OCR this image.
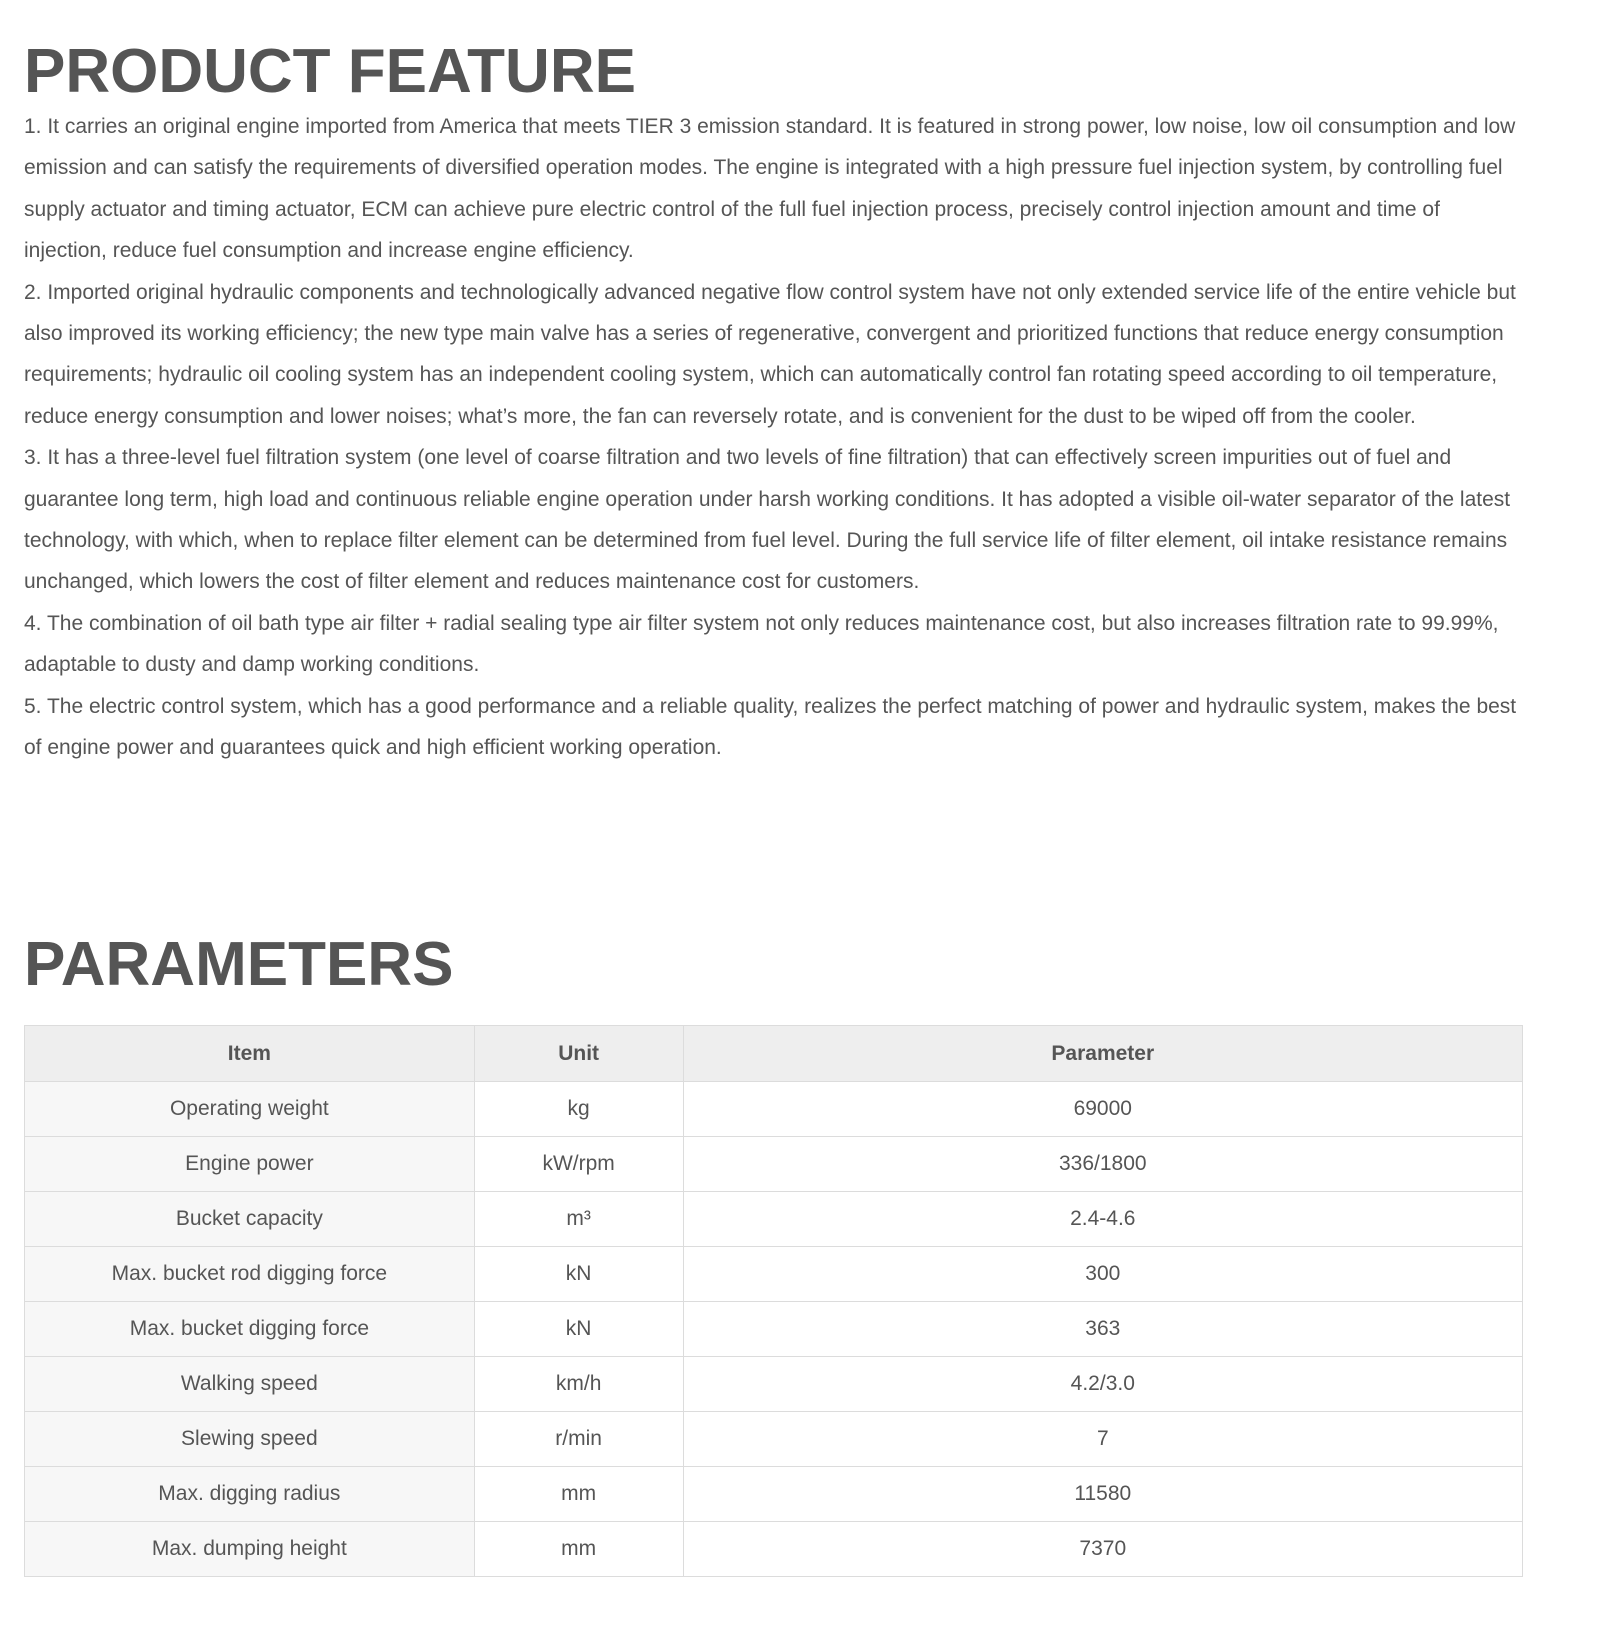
PRODUCT FEATURE

1. It carries an original engine imported from America that meets TIER 3 emission standard. It is featured in strong power, low noise, low oil consumption and low emission and can satisfy the requirements of diversified operation modes. The engine is integrated with a high pressure fuel injection system, by controlling fuel supply actuator and timing actuator, ECM can achieve pure electric control of the full fuel injection process, precisely control injection amount and time of injection, reduce fuel consumption and increase engine efficiency.

2. Imported original hydraulic components and technologically advanced negative flow control system have not only extended service life of the entire vehicle but also improved its working efficiency; the new type main valve has a series of regenerative, convergent and prioritized functions that reduce energy consumption requirements; hydraulic oil cooling system has an independent cooling system, which can automatically control fan rotating speed according to oil temperature, reduce energy consumption and lower noises; what’s more, the fan can reversely rotate, and is convenient for the dust to be wiped off from the cooler.

3. It has a three-level fuel filtration system (one level of coarse filtration and two levels of fine filtration) that can effectively screen impurities out of fuel and guarantee long term, high load and continuous reliable engine operation under harsh working conditions. It has adopted a visible oil-water separator of the latest technology, with which, when to replace filter element can be determined from fuel level. During the full service life of filter element, oil intake resistance remains unchanged, which lowers the cost of filter element and reduces maintenance cost for customers.

4. The combination of oil bath type air filter + radial sealing type air filter system not only reduces maintenance cost, but also increases filtration rate to 99.99%, adaptable to dusty and damp working conditions.

5. The electric control system, which has a good performance and a reliable quality, realizes the perfect matching of power and hydraulic system, makes the best of engine power and guarantees quick and high efficient working operation.

PARAMETERS
Item	Unit	Parameter
Operating weight	kg	69000
Engine power	kW/rpm	336/1800
Bucket capacity	m³	2.4-4.6
Max. bucket rod digging force	kN	300
Max. bucket digging force	kN	363
Walking speed	km/h	4.2/3.0
Slewing speed	r/min	7
Max. digging radius	mm	11580
Max. dumping height	mm	7370
